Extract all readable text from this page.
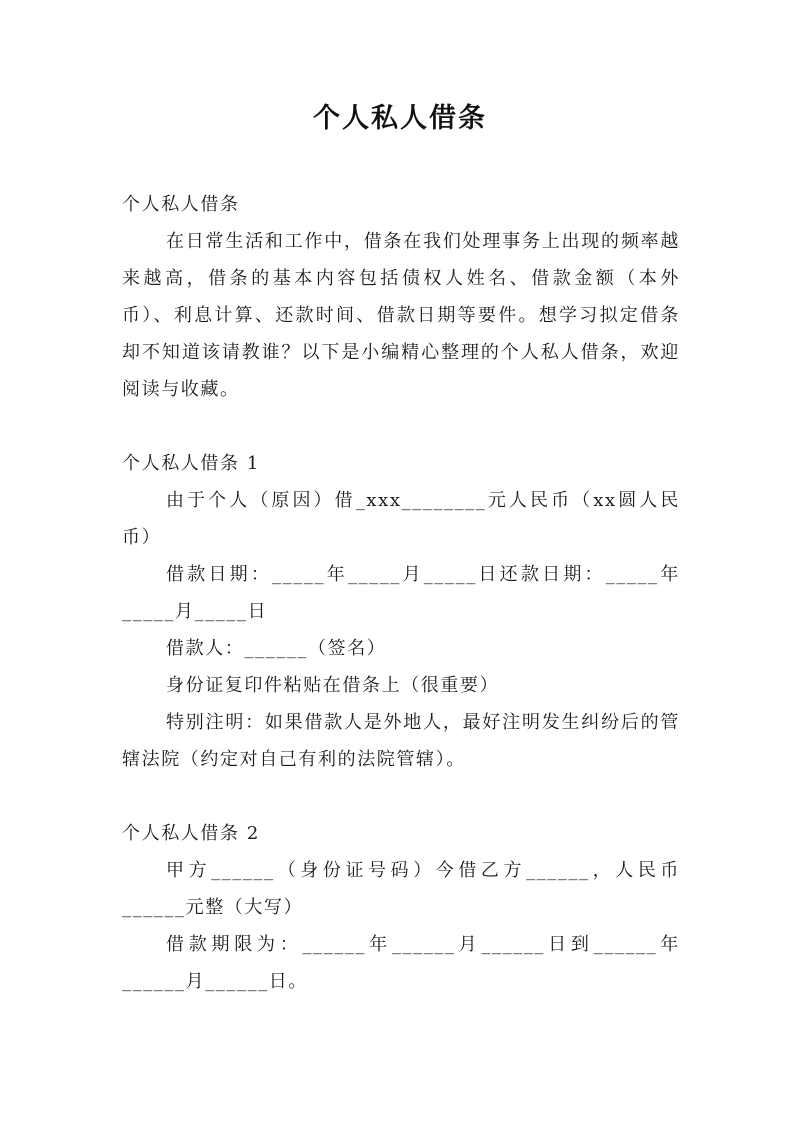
个人私人借条

个人私人借条

在日常生活和工作中，借条在我们处理事务上出现的频率越来越高，借条的基本内容包括债权人姓名、借款金额（本外币）、利息计算、还款时间、借款日期等要件。想学习拟定借条却不知道该请教谁？以下是小编精心整理的个人私人借条，欢迎阅读与收藏。

个人私人借条 1

由于个人（原因）借_xxx________元人民币（xx圆人民币）

借款日期：_____年_____月_____日还款日期：_____年_____月_____日

借款人：______（签名）

身份证复印件粘贴在借条上（很重要）

特别注明：如果借款人是外地人，最好注明发生纠纷后的管辖法院（约定对自己有利的法院管辖）。

个人私人借条 2

甲方______（身份证号码）今借乙方______，人民币______元整（大写）

借款期限为：______年______月______日到______年______月______日。
